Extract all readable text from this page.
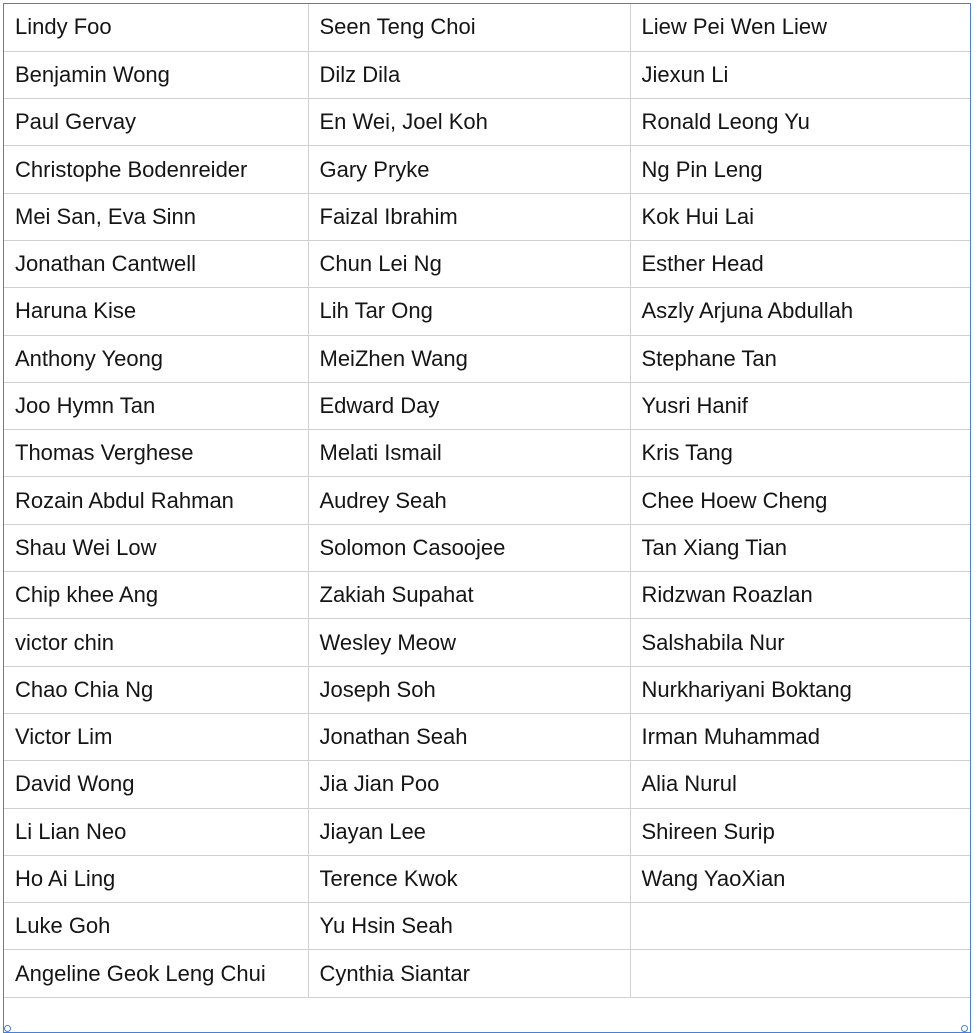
Lindy Foo	Seen Teng Choi	Liew Pei Wen Liew
Benjamin Wong	Dilz Dila	Jiexun Li
Paul Gervay	En Wei, Joel Koh	Ronald Leong Yu
Christophe Bodenreider	Gary Pryke	Ng Pin Leng
Mei San, Eva Sinn	Faizal Ibrahim	Kok Hui Lai
Jonathan Cantwell	Chun Lei Ng	Esther Head
Haruna Kise	Lih Tar Ong	Aszly Arjuna Abdullah
Anthony Yeong	MeiZhen Wang	Stephane Tan
Joo Hymn Tan	Edward Day	Yusri Hanif
Thomas Verghese	Melati Ismail	Kris Tang
Rozain Abdul Rahman	Audrey Seah	Chee Hoew Cheng
Shau Wei Low	Solomon Casoojee	Tan Xiang Tian
Chip khee Ang	Zakiah Supahat	Ridzwan Roazlan
victor chin	Wesley Meow	Salshabila Nur
Chao Chia Ng	Joseph Soh	Nurkhariyani Boktang
Victor Lim	Jonathan Seah	Irman Muhammad
David Wong	Jia Jian Poo	Alia Nurul
Li Lian Neo	Jiayan Lee	Shireen Surip
Ho Ai Ling	Terence Kwok	Wang YaoXian
Luke Goh	Yu Hsin Seah	
Angeline Geok Leng Chui	Cynthia Siantar	
